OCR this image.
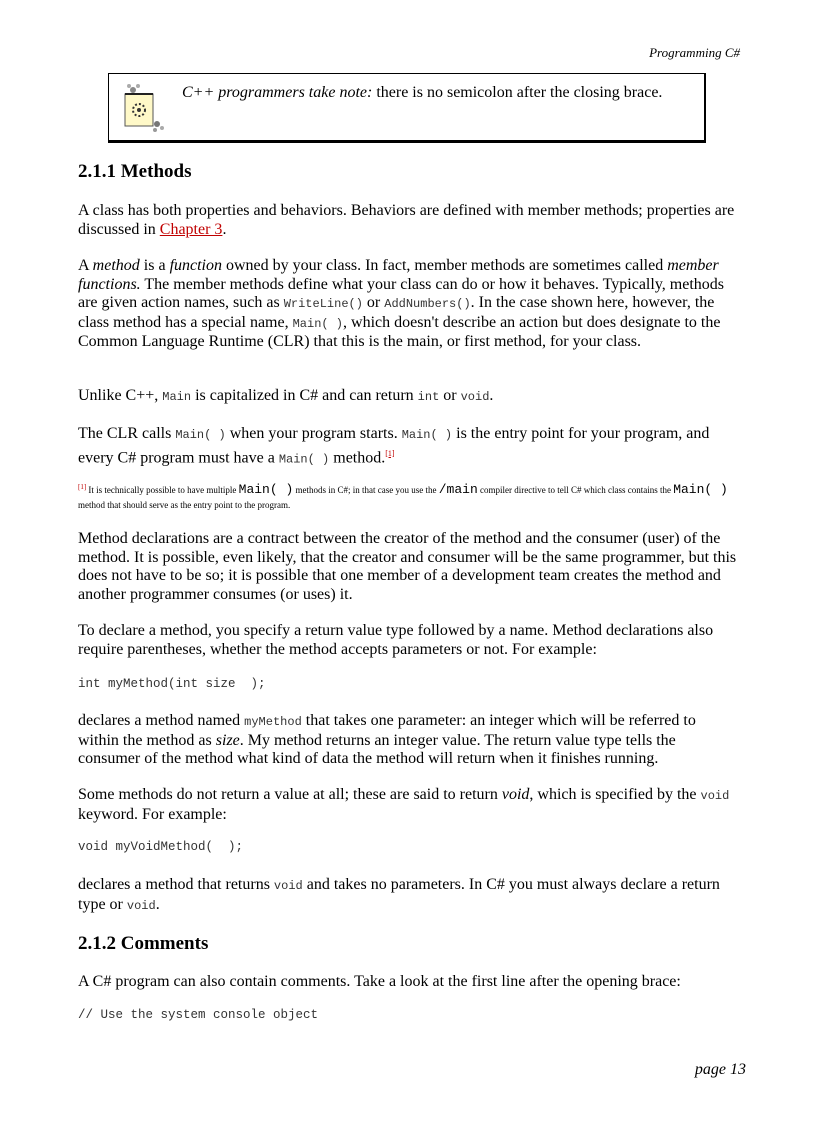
Programming C#
C++ programmers take note: there is no semicolon after the closing brace.
2.1.1 Methods

A class has both properties and behaviors. Behaviors are defined with member methods; properties are discussed in Chapter 3.

A method is a function owned by your class. In fact, member methods are sometimes called member functions. The member methods define what your class can do or how it behaves. Typically, methods are given action names, such as WriteLine() or AddNumbers(). In the case shown here, however, the class method has a special name, Main( ), which doesn't describe an action but does designate to the Common Language Runtime (CLR) that this is the main, or first method, for your class.

Unlike C++, Main is capitalized in C# and can return int or void.

The CLR calls Main( ) when your program starts. Main( ) is the entry point for your program, and every C# program must have a Main( ) method.[1]

[1] It is technically possible to have multiple Main( ) methods in C#; in that case you use the /main compiler directive to tell C# which class contains the Main( ) method that should serve as the entry point to the program.

Method declarations are a contract between the creator of the method and the consumer (user) of the method. It is possible, even likely, that the creator and consumer will be the same programmer, but this does not have to be so; it is possible that one member of a development team creates the method and another programmer consumes (or uses) it.

To declare a method, you specify a return value type followed by a name. Method declarations also require parentheses, whether the method accepts parameters or not. For example:

int myMethod(int size  );

declares a method named myMethod that takes one parameter: an integer which will be referred to within the method as size. My method returns an integer value. The return value type tells the consumer of the method what kind of data the method will return when it finishes running.

Some methods do not return a value at all; these are said to return void, which is specified by the void keyword. For example:

void myVoidMethod(  );

declares a method that returns void and takes no parameters. In C# you must always declare a return type or void.

2.1.2 Comments

A C# program can also contain comments. Take a look at the first line after the opening brace:

// Use the system console object
page 13
